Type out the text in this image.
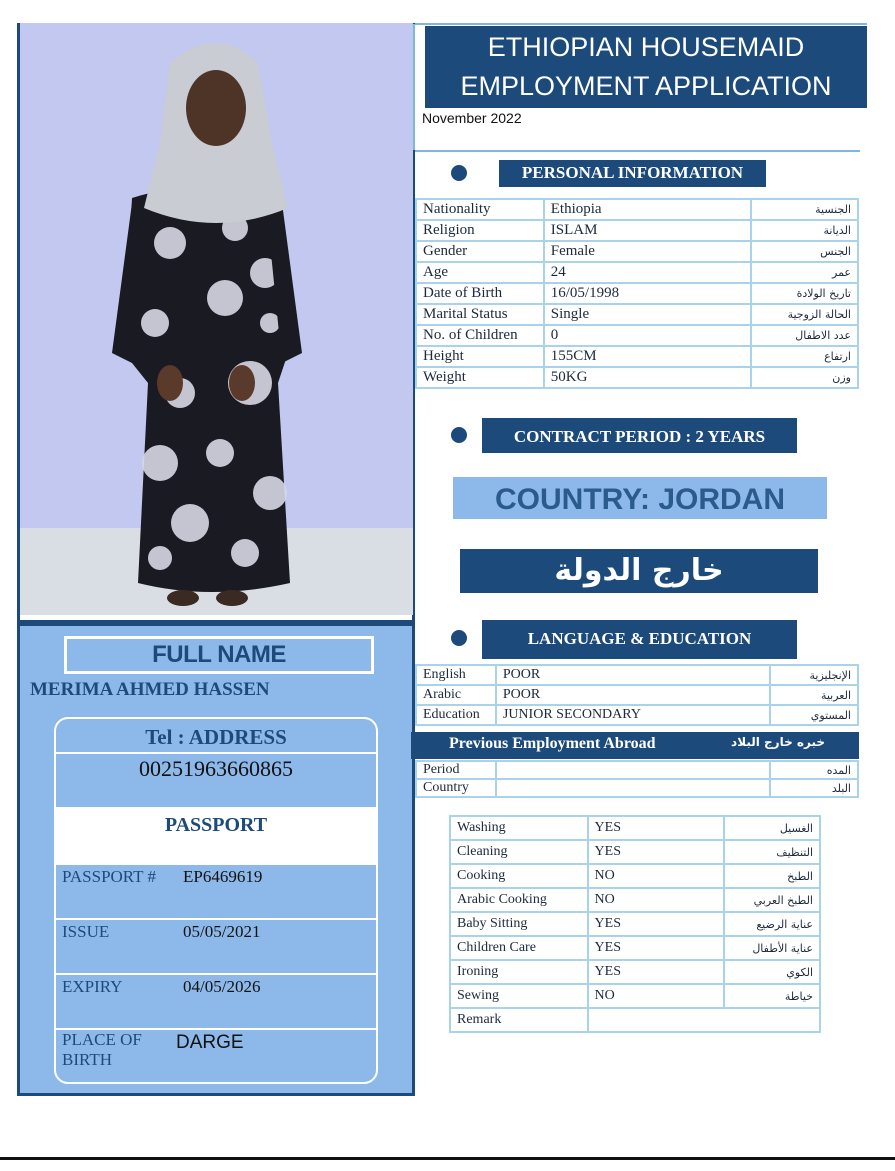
FULL NAME
MERIMA AHMED HASSEN
Tel : ADDRESS
00251963660865
PASSPORT
PASSPORT # EP6469619
ISSUE	05/05/2021
EXPIRY	04/05/2026
PLACE OF
BIRTH
DARGE
ETHIOPIAN HOUSEMAID
EMPLOYMENT APPLICATION
November 2022
PERSONAL INFORMATION
Nationality	Ethiopia	الجنسية
Religion	ISLAM	الديانة
Gender	Female	الجنس
Age	24	عمر
Date of Birth	16/05/1998	تاريخ الولادة
Marital Status	Single	الحالة الزوجية
No. of Children	0	عدد الاطفال
Height	155CM	ارتفاع
Weight	50KG	وزن
CONTRACT PERIOD : 2 YEARS
COUNTRY: JORDAN
خارج الدولة
LANGUAGE & EDUCATION
English	POOR	الإنجليزية
Arabic	POOR	العربية
Education	JUNIOR SECONDARY	المستوي
Previous Employment Abroad	خبره خارج البلاد
Period		المده
Country		البلد
Washing	YES	الغسيل
Cleaning	YES	التنظيف
Cooking	NO	الطبخ
Arabic Cooking	NO	الطبخ العربي
Baby Sitting	YES	عناية الرضيع
Children Care	YES	عناية الأطفال
Ironing	YES	الكوي
Sewing	NO	خياطة
Remark		
